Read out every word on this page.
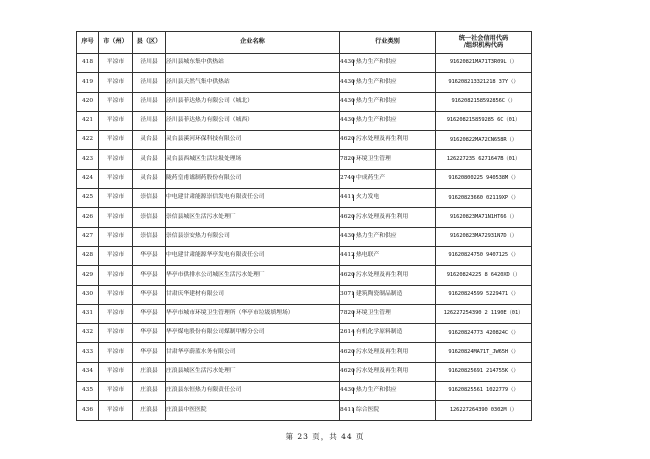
序号	市（州）	县（区）	企业名称	行业类别	统一社会信用代码
/组织机构代码

418	平凉市	泾川县	泾川县城东集中供热站	4430热力生产和供应	91620821MA71T3R09L（）
419	平凉市	泾川县	泾川县天然气集中供热站	4430热力生产和供应	916208213321218 37Y（）
420	平凉市	泾川县	泾川县菲达热力有限公司（城北）	4430热力生产和供应	9162082158592856C（）
421	平凉市	泾川县	泾川县菲达热力有限公司（城西）	4430热力生产和供应	916208215859285 6C（01）
422	平凉市	灵台县	灵台县溪河环保科技有限公司	4620污水处理及再生利用	91620822MA72CN658R（）
423	平凉市	灵台县	灵台县西城区生活垃圾处理场	7820环境卫生管理	126227235 6271647B（01）
424	平凉市	灵台县	陇药皇甫谧制药股份有限公司	2740中成药生产	91620800225 940538M（）
425	平凉市	崇信县	中电建甘肃能源崇信发电有限责任公司	4411火力发电	91620823660 02119XP（）
426	平凉市	崇信县	崇信县城区生活污水处理厂	4620污水处理及再生利用	91620823MA71N1HT66（）
427	平凉市	崇信县	崇信县崇安热力有限公司	4430热力生产和供应	91620823MA72931N7D（）
428	平凉市	华亭县	中电建甘肃能源华亭发电有限责任公司	4412热电联产	91620824750 9407125（）
429	平凉市	华亭县	华亭市供排水公司城区生活污水处理厂	4620污水处理及再生利用	91620824225 8 6420XD（）
430	平凉市	华亭县	甘肃庆华建材有限公司	3071建筑陶瓷制品制造	91620824599 5229471（）
431	平凉市	华亭县	华亭市城市环境卫生管理所（华亭市垃圾填埋场）	7820环境卫生管理	126227254390 2 1190E（01）
432	平凉市	华亭县	华亭煤电股份有限公司煤制甲醇分公司	2614有机化学原料制造	91620824773 420824C（）
433	平凉市	华亭县	甘肃华亭蔚蓝水务有限公司	4620污水处理及再生利用	91620824MA71T_JW65H（）
434	平凉市	庄浪县	庄浪县城区生活污水处理厂	4620污水处理及再生利用	91620825691 214755K（）
435	平凉市	庄浪县	庄浪县东恒热力有限责任公司	4430热力生产和供应	91620825561 1022779（）
436	平凉市	庄浪县	庄浪县中医医院	8411综合医院	126227264390 0302M（）
第 23 页，共 44 页
